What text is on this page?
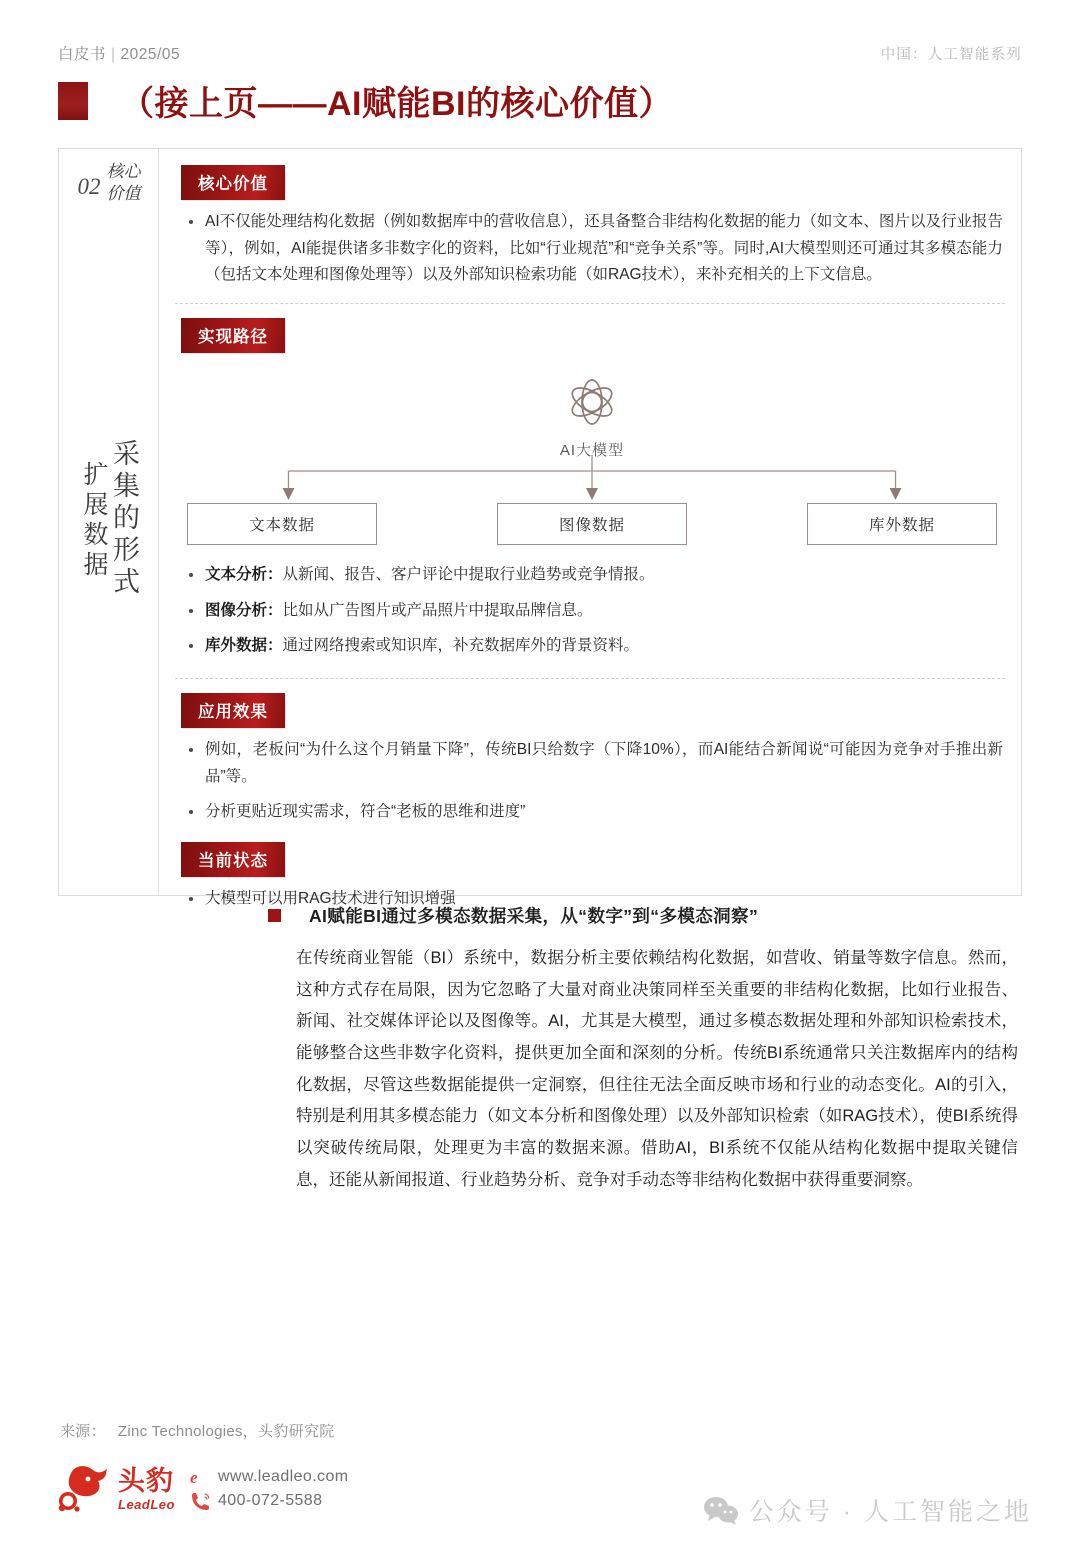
白皮书 | 2025/05	中国：人工智能系列
（接上页——AI赋能BI的核心价值）
02
核心
价值
扩展数据 采集的形式
核心价值
AI不仅能处理结构化数据（例如数据库中的营收信息），还具备整合非结构化数据的能力（如文本、图片以及行业报告等），例如，AI能提供诸多非数字化的资料，比如“行业规范”和“竞争关系”等。同时,AI大模型则还可通过其多模态能力（包括文本处理和图像处理等）以及外部知识检索功能（如RAG技术），来补充相关的上下文信息。
实现路径
AI大模型
文本数据	图像数据	库外数据
文本分析：从新闻、报告、客户评论中提取行业趋势或竞争情报。
图像分析：比如从广告图片或产品照片中提取品牌信息。
库外数据：通过网络搜索或知识库，补充数据库外的背景资料。
应用效果
例如，老板问“为什么这个月销量下降”，传统BI只给数字（下降10%），而AI能结合新闻说“可能因为竞争对手推出新品”等。
分析更贴近现实需求，符合“老板的思维和进度”
当前状态
大模型可以用RAG技术进行知识增强
AI赋能BI通过多模态数据采集，从“数字”到“多模态洞察”
在传统商业智能（BI）系统中，数据分析主要依赖结构化数据，如营收、销量等数字信息。然而，这种方式存在局限，因为它忽略了大量对商业决策同样至关重要的非结构化数据，比如行业报告、新闻、社交媒体评论以及图像等。AI，尤其是大模型，通过多模态数据处理和外部知识检索技术，能够整合这些非数字化资料，提供更加全面和深刻的分析。传统BI系统通常只关注数据库内的结构化数据，尽管这些数据能提供一定洞察，但往往无法全面反映市场和行业的动态变化。AI的引入，特别是利用其多模态能力（如文本分析和图像处理）以及外部知识检索（如RAG技术），使BI系统得以突破传统局限，处理更为丰富的数据来源。借助AI，BI系统不仅能从结构化数据中提取关键信息，还能从新闻报道、行业趋势分析、竞争对手动态等非结构化数据中获得重要洞察。
来源： Zinc Technologies，头豹研究院
头豹
LeadLeo
e www.leadleo.com
400-072-5588	公众号 · 人工智能之地
